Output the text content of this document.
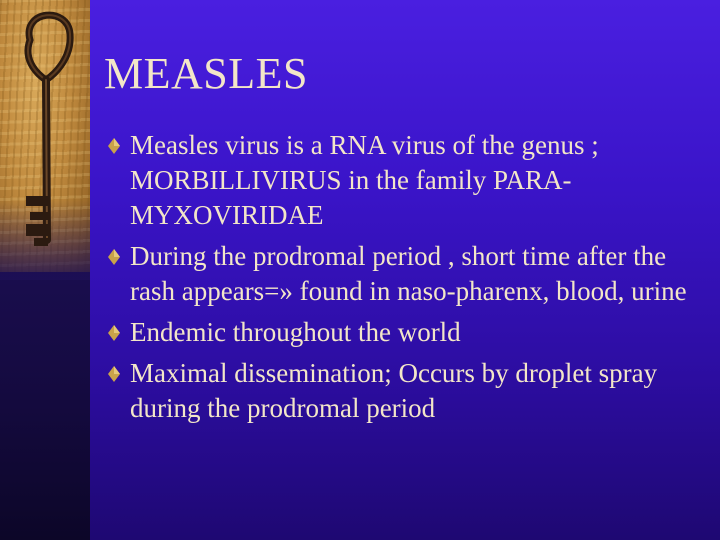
MEASLES
Measles virus is a RNA virus of the genus ; MORBILLIVIRUS in the family PARA-MYXOVIRIDAE
During the prodromal period , short time after the rash appears=» found in naso-pharenx, blood, urine
Endemic throughout the world
Maximal dissemination; Occurs by droplet spray during the prodromal period
